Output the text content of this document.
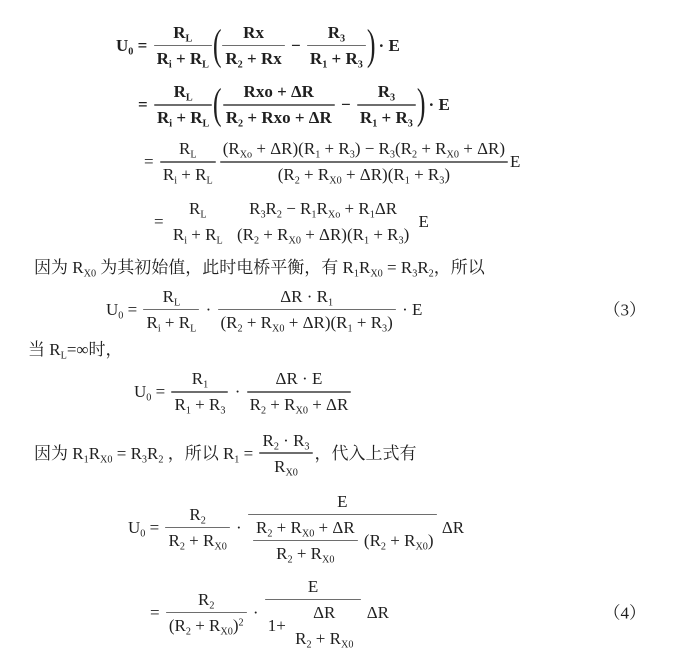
$U_0 = \frac{R_L}{R_i + R_L}$ ( $\frac{Rx}{R_2 + Rx} - \frac{R_3}{R_1 + R_3}$ )
· E
= $\frac{R_L}{R_i + R_L}$ ( $\frac{\text{Rxo + ΔR}}{R_2 + Rxo + \Delta R} - \frac{R_3}{R_1 + R_3}$ )
· E
= $\frac{R_L}{R_i + R_L} \frac{(R_{Xo} + \Delta R)(R_1 + R_3) - R_3(R_2 + R_{X0} + \Delta R)}{(R_2 + R_{X0} + \Delta R)(R_1 + R_3)}$ E
=
$R_L$
$R_i + R_L$

$R_3R_2 - R_1R_{Xo} + R_1\Delta R$
$(R_2 + R_{X0} + \Delta R)(R_1 + R_3)$
E
因为 $R_{X0}$ 为其初始值，此时电桥平衡，有 $R_1R_{X0} = R_3R_2$，所以
$U_0 = \frac{R_L}{R_i + R_L} \cdot \frac{\Delta R \cdot R_1}{(R_2 + R_{X0} + \Delta R)(R_1 + R_3)} \cdot E$	（3）
当 $R_L=\infty$时，
$U_0 = \frac{R_1}{R_1 + R_3} \cdot \frac{\Delta R \cdot E}{R_2 + R_{X0} + \Delta R}$
因为 $R_1R_{X0} = R_3R_2$ ，所以 $R_1 = \frac{R_2 \cdot R_3}{R_{X0}}$ ，代入上式有
$U_0 = \frac{R_2}{R_2 + R_{X0}} \cdot \frac{E}{\frac{R_2 + R_{X0} + \Delta R}{R_2 + R_{X0}} (R_2 + R_{X0})}$ ΔR
= $\frac{R_2}{(R_2 + R_{X0})^2} \cdot E$
1+
ΔR
$R_2 + R_{X0}$ ΔR	（4）
